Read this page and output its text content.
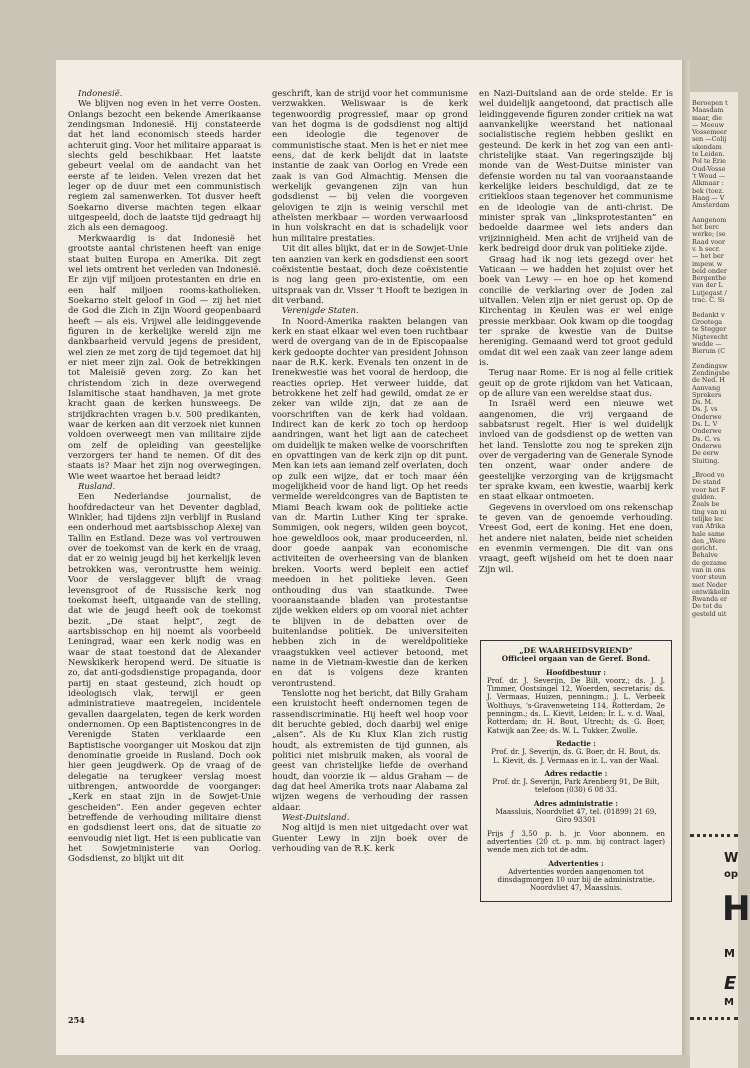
Indonesië.

We blijven nog even in het verre Oosten. Onlangs bezocht een bekende Amerikaanse zendingsman Indonesië. Hij constateerde dat het land economisch steeds harder achteruit ging. Voor het militaire apparaat is slechts geld beschikbaar. Het laatste gebeurt veelal om de aandacht van het eerste af te leiden. Velen vrezen dat het leger op de duur met een communistisch regiem zal samenwerken. Tot dusver heeft Soekarno diverse machten tegen elkaar uitgespeeld, doch de laatste tijd gedraagt hij zich als een demagoog.

Merkwaardig is dat Indonesië het grootste aantal christenen heeft van enige staat buiten Europa en Amerika. Dit zegt wel iets omtrent het verleden van Indonesië. Er zijn vijf miljoen protestanten en drie en een half miljoen rooms-katholieken. Soekarno stelt geloof in God — zij het niet de God die Zich in Zijn Woord geopenbaard heeft — als eis. Vrijwel alle leidinggevende figuren in de kerkelijke wereld zijn me dankbaarheid vervuld jegens de president, wel zien ze met zorg de tijd tegemoet dat hij er niet meer zijn zal. Ook de betrekkingen tot Maleisië geven zorg. Zo kan het christendom zich in deze overwegend Islamitische staat handhaven, ja met grote kracht gaan de kerken hunsweegs. De strijdkrachten vragen b.v. 500 predikanten, waar de kerken aan dit verzoek niet kunnen voldoen overweegt men van militaire zijde om zelf de opleiding van geestelijke verzorgers ter hand te nemen. Of dit des staats is? Maar het zijn nog overwegingen. Wie weet waartoe het beraad leidt?

Rusland.

Een Nederlandse journalist, de hoofdredacteur van het Deventer dagblad, Winkler, had tijdens zijn verblijf in Rusland een onderhoud met aartsbisschop Alexej van Tallin en Estland. Deze was vol vertrouwen over de toekomst van de kerk en de vraag, dat er zo weinig jeugd bij het kerkelijk leven betrokken was, verontrustte hem weinig. Voor de verslaggever blijft de vraag levensgroot of de Russische kerk nog toekomst heeft, uitgaande van de stelling, dat wie de jeugd heeft ook de toekomst bezit. „De staat helpt”, zegt de aartsbisschop en hij noemt als voorbeeld Leningrad, waar een kerk nodig was en waar de staat toestond dat de Alexander Newskikerk heropend werd. De situatie is zo, dat anti-godsdienstige propaganda, door partij en staat gesteund, zich houdt op ideologisch vlak, terwijl er geen administratieve maatregelen, incidentele gevallen daargelaten, tegen de kerk worden ondernomen. Op een Baptistencongres in de Verenigde Staten verklaarde een Baptistische voorganger uit Moskou dat zijn denominatie groeide in Rusland. Doch ook hier geen jeugdwerk. Op de vraag of de delegatie na terugkeer verslag moest uitbrengen, antwoordde de voorganger: „Kerk en staat zijn in de Sowjet-Unie gescheiden”. Een ander gegeven echter betreffende de verhouding militaire dienst en godsdienst leert ons, dat de situatie zo eenvoudig niet ligt. Het is een publicatie van het Sowjetministerie van Oorlog. Godsdienst, zo blijkt uit dit

geschrift, kan de strijd voor het communisme verzwakken. Weliswaar is de kerk tegenwoordig progressief, maar op grond van het dogma is de godsdienst nog altijd een ideologie die tegenover de communistische staat. Men is het er niet mee eens, dat de kerk belijdt dat in laatste instantie de zaak van Oorlog en Vrede een zaak is van God Almachtig. Mensen die werkelijk gevangenen zijn van hun godsdienst — bij velen die voorgeven gelovigen te zijn is weinig verschil met atheïsten merkbaar — worden verwaarloosd in hun volskracht en dat is schadelijk voor hun militaire prestaties.

Uit dit alles blijkt, dat er in de Sowjet-Unie ten aanzien van kerk en godsdienst een soort coëxistentie bestaat, doch deze coëxistentie is nog lang geen pro-existentie, om een uitspraak van dr. Visser 't Hooft te bezigen in dit verband.

Verenigde Staten.

In Noord-Amerika raakten belangen van kerk en staat elkaar wel even toen ruchtbaar werd de overgang van de in de Episcopaalse kerk gedoopte dochter van president Johnson naar de R.K. kerk. Evenals ten onzent in de Irenekwestie was het vooral de herdoop, die reacties opriep. Het verweer luidde, dat betrokkene het zelf had gewild, omdat ze er zeker van wilde zijn, dat ze aan de voorschriften van de kerk had voldaan. Indirect kan de kerk zo toch op herdoop aandringen, want het ligt aan de catecheet om duidelijk te maken welke de voorschriften en opvattingen van de kerk zijn op dit punt. Men kan iets aan iemand zelf overlaten, doch op zulk een wijze, dat er toch maar één mogelijkheid voor de hand ligt. Op het reeds vermelde wereldcongres van de Baptisten te Miami Beach kwam ook de politieke actie van dr. Martin Luther King ter sprake. Sommigen, ook negers, wilden geen boycot, hoe geweldloos ook, maar produceerden, nl. door goede aanpak van economische activiteiten de overheersing van de blanken breken. Voorts werd bepleit een actief meedoen in het politieke leven. Geen onthouding dus van staatkunde. Twee vooraanstaande bladen van protestantse zijde wekken elders op om vooral niet achter te blijven in de debatten over de buitenlandse politiek. De universiteiten hebben zich in de wereldpolitieke vraagstukken veel actiever betoond, met name in de Vietnam-kwestie dan de kerken en dat is volgens deze kranten verontrustend.

Tenslotte nog het bericht, dat Billy Graham een kruistocht heeft ondernomen tegen de rassendiscriminatie. Hij heeft wel hoop voor dit beruchte gebied, doch daarbij wel enige „alsen”. Als de Ku Klux Klan zich rustig houdt, als extremisten de tijd gunnen, als politici niet misbruik maken, als vooral de geest van christelijke liefde de overhand houdt, dan voorzie ik — aldus Graham — de dag dat heel Amerika trots naar Alabama zal wijzen wegens de verhouding der rassen aldaar.

West-Duitsland.

Nog altijd is men niet uitgedacht over wat Guenter Lewy in zijn boek over de verhouding van de R.K. kerk

en Nazi-Duitsland aan de orde stelde. Er is wel duidelijk aangetoond, dat practisch alle leidinggevende figuren zonder critiek na wat aanvankelijke weerstand het nationaal socialistische regiem hebben geslikt en gesteund. De kerk in het zog van een anti-christelijke staat. Van regeringszijde bij monde van de West-Duitse minister van defensie worden nu tal van vooraanstaande kerkelijke leiders beschuldigd, dat ze te critiekloos staan tegenover het communisme en de ideologie van de anti-christ. De minister sprak van „linksprotestanten” en bedoelde daarmee wel iets anders dan vrijzinnigheid. Men acht de vrijheid van de kerk bedreigd door druk van politieke zijde.

Graag had ik nog iets gezegd over het Vaticaan — we hadden het zojuist over het boek van Lewy — en hoe op het komend concilie de verklaring over de Joden zal uitvallen. Velen zijn er niet gerust op. Op de Kirchentag in Keulen was er wel enige pressie merkbaar. Ook kwam op die toogdag ter sprake de kwestie van de Duitse hereniging. Gemaand werd tot groot geduld omdat dit wel een zaak van zeer lange adem is.

Terug naar Rome. Er is nog al felle critiek geuit op de grote rijkdom van het Vaticaan, op de allure van een wereldse staat dus.

In Israël werd een nieuwe wet aangenomen, die vrij vergaand de sabbatsrust regelt. Hier is wel duidelijk invloed van de godsdienst op de wetten van het land. Tenslotte zou nog te spreken zijn over de vergadering van de Generale Synode ten onzent, waar onder andere de geestelijke verzorging van de krijgsmacht ter sprake kwam, een kwestie, waarbij kerk en staat elkaar ontmoeten.

Gegevens in overvloed om ons rekenschap te geven van de genoemde verhouding. Vreest God, eert de koning. Het ene doen, het andere niet nalaten, beide niet scheiden en evenmin vermengen. Die dit van ons vraagt, geeft wijsheid om het te doen naar Zijn wil.

„DE WAARHEIDSVRIEND”
Officieel orgaan van de Geref. Bond.
Hoofdbestuur :
Prof. dr. J. Severijn, De Bilt, voorz.; ds. J. J. Timmer, Oostsingel 12, Woerden, secretaris; ds. J. Vermaas, Huizen, penningm.; J. L. Verbeek Wolthuys, 's-Gravenweteing 114, Rotterdam, 2e penningm.; ds. L. Kievit, Leiden; Ir. L. v. d. Waal, Rotterdam; dr. H. Bout, Utrecht; ds. G. Boer, Katwijk aan Zee; ds. W. L. Tukker, Zwolle.
Redactie :
Prof. dr. J. Severijn, ds. G. Boer, dr. H. Bout, ds. L. Kievit, ds. J. Vermaas en ir. L. van der Waal.
Adres redactie :
Prof. dr. J. Severijn, Park Arenberg 91, De Bilt, telefoon (030) 6 08 33.
Adres administratie :
Maassluis, Noordvliet 47, tel. (01899) 21 69, Giro 93301
Prijs ƒ 3,50 p. h. jr. Voor abonnem. en advertenties (20 ct. p. mm. bij contract lager) wende men zich tot de adm.
Advertenties :
Advertenties worden aangenomen tot dinsdagmorgen 10 uur bij de administratie, Noordvliet 47, Maassluis.
254
Beroepen t
Maasdam
maar, die
— Meeuw
Vossemeer
sen —Colij
ukendam
te Leiden.
Pol te Erie
Oud-Vosse
't Woud —
Alkmaar :
bek (toez.
Haag — V
Amsterdam

Aangenom
het berc
werke; (se
Raad voor
v. h secr.
— het ber
impew. w
beid onder
Bergenthe
van der L
Lutjegast /
trac. C. Si

Bedankt v
Grootega
te Stegger
Nigtevecht
wedde —
Bierum (C

Zendingsw
Zendingsbe
de Ned. H
Aanvang
Sprekers
Ds. M.
Ds. J. vs
Onderwe
Ds. L. V
Onderwe
Ds. C. vs
Onderwe
De eerw
Sluiting.

„Brood vo
De stand
voor het F
gulden.
Zoals be
ting van ni
telijke lec
van Afrika
hale same
den „Were
gericht.
Behalve
de gezame
van in ons
voor steun
met Neder
ontwikkelin
Rwanda er
De tot du
gesteld uit
W
op
H
M
E
M
